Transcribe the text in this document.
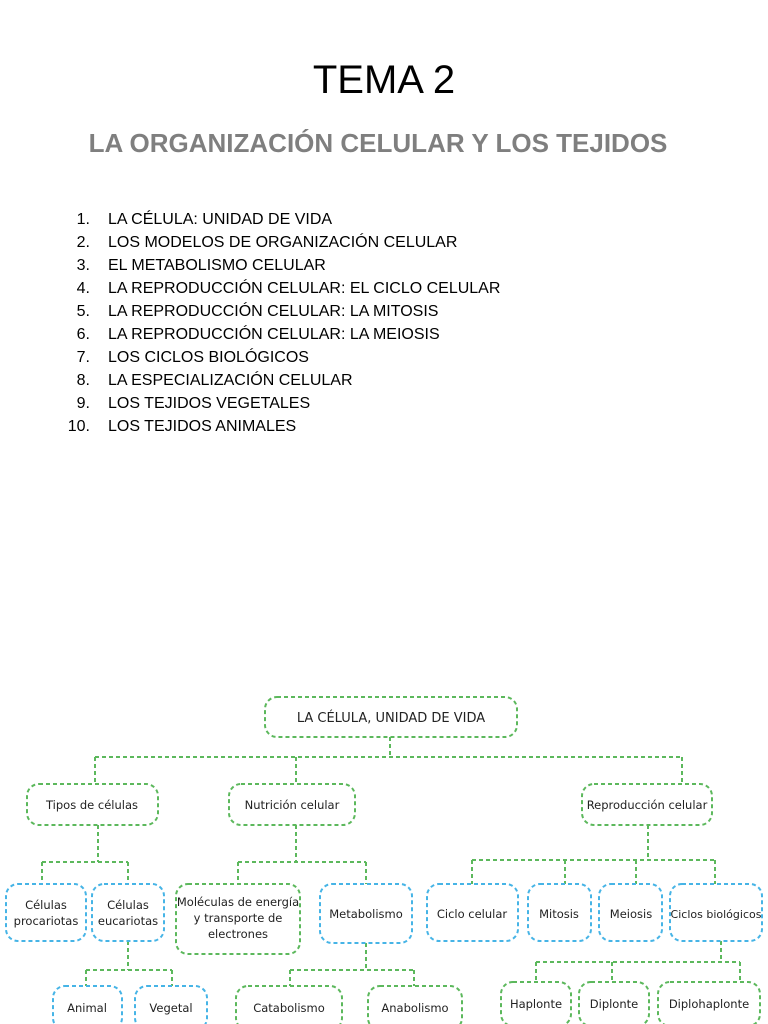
TEMA 2
LA ORGANIZACIÓN CELULAR Y LOS TEJIDOS
1. LA CÉLULA: UNIDAD DE VIDA
2. LOS MODELOS DE ORGANIZACIÓN CELULAR
3. EL METABOLISMO CELULAR
4. LA REPRODUCCIÓN CELULAR: EL CICLO CELULAR
5. LA REPRODUCCIÓN CELULAR: LA MITOSIS
6. LA REPRODUCCIÓN CELULAR: LA MEIOSIS
7. LOS CICLOS BIOLÓGICOS
8. LA ESPECIALIZACIÓN CELULAR
9. LOS TEJIDOS VEGETALES
10. LOS TEJIDOS ANIMALES
LA CÉLULA, UNIDAD DE VIDA
Tipos de células	Nutrición celular	Reproducción celular
Células
procariotas
Células
eucariotas
Moléculas de energía
y transporte de
electrones
Metabolismo	Ciclo celular	Mitosis	Meiosis Ciclos biológicos
Animal	Vegetal	Catabolismo	Anabolismo	Haplonte Diplonte	Diplohaplonte
